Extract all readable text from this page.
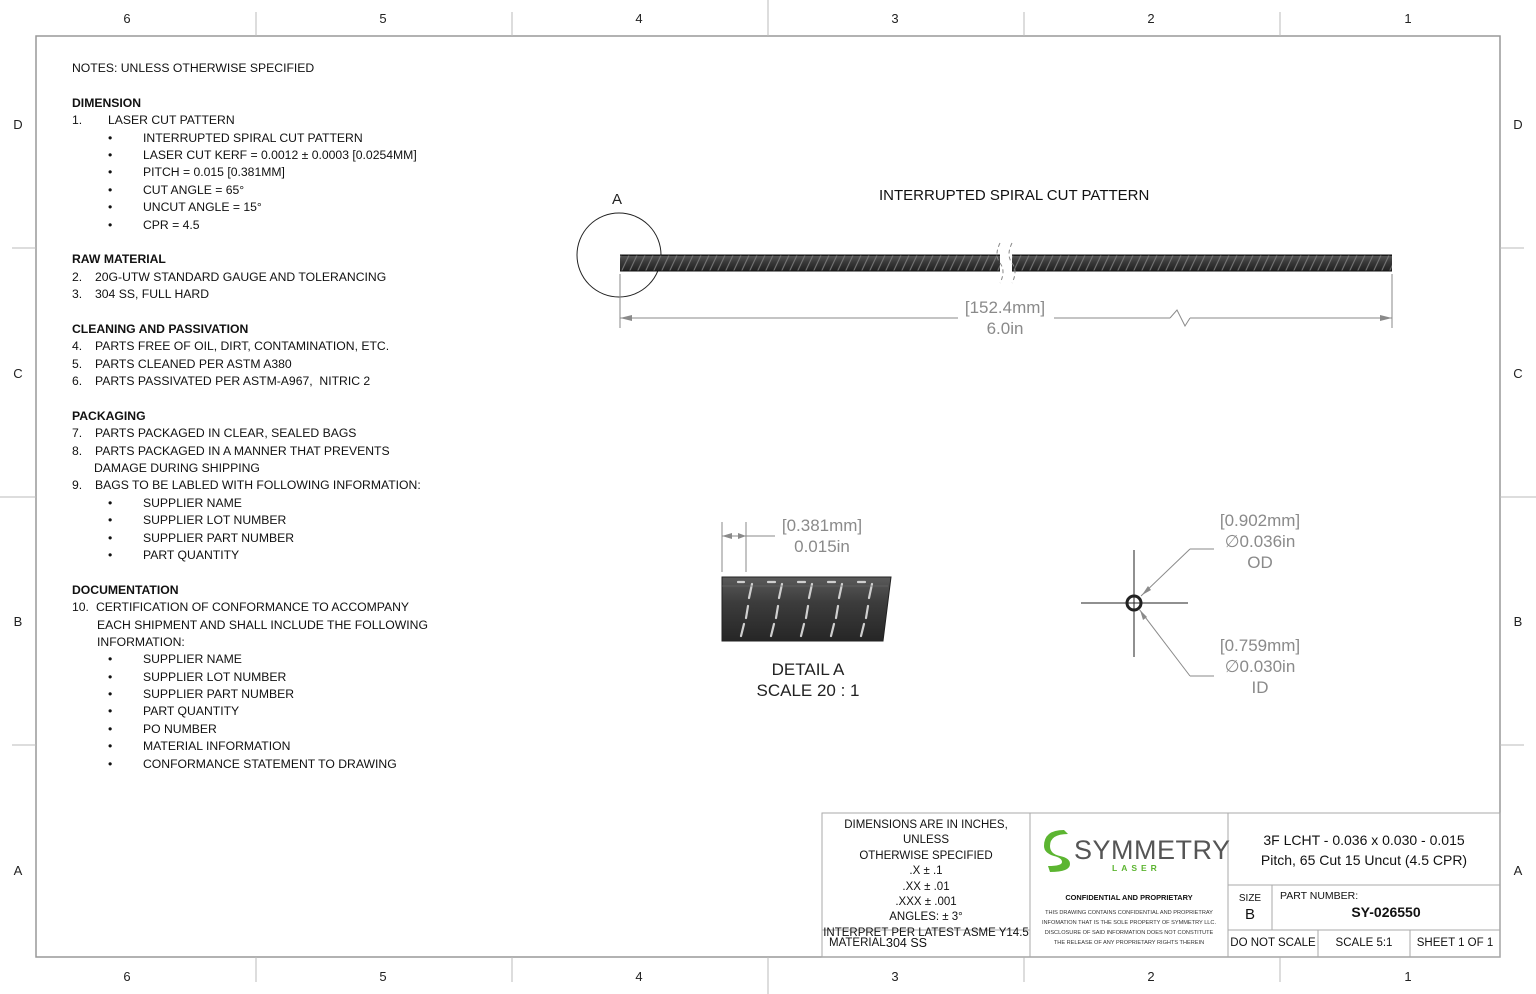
6	5	4	3	2	1
6	5	4	3	2	1
D
C
B
A
D
C
B
A
NOTES: UNLESS OTHERWISE SPECIFIED
DIMENSION
1. LASER CUT PATTERN
•	INTERRUPTED SPIRAL CUT PATTERN
•	LASER CUT KERF = 0.0012 ± 0.0003 [0.0254MM]
•	PITCH = 0.015 [0.381MM]
•	CUT ANGLE = 65°
•	UNCUT ANGLE = 15°
•	CPR = 4.5
RAW MATERIAL
2. 20G-UTW STANDARD GAUGE AND TOLERANCING
3. 304 SS, FULL HARD
CLEANING AND PASSIVATION
4. PARTS FREE OF OIL, DIRT, CONTAMINATION, ETC.
5. PARTS CLEANED PER ASTM A380
6. PARTS PASSIVATED PER ASTM-A967,  NITRIC 2
PACKAGING
7. PARTS PACKAGED IN CLEAR, SEALED BAGS
8. PARTS PACKAGED IN A MANNER THAT PREVENTS
DAMAGE DURING SHIPPING
9. BAGS TO BE LABLED WITH FOLLOWING INFORMATION:
•	SUPPLIER NAME
•	SUPPLIER LOT NUMBER
•	SUPPLIER PART NUMBER
•	PART QUANTITY
DOCUMENTATION
10. CERTIFICATION OF CONFORMANCE TO ACCOMPANY
EACH SHIPMENT AND SHALL INCLUDE THE FOLLOWING
INFORMATION:
•	SUPPLIER NAME
•	SUPPLIER LOT NUMBER
•	SUPPLIER PART NUMBER
•	PART QUANTITY
•	PO NUMBER
•	MATERIAL INFORMATION
•	CONFORMANCE STATEMENT TO DRAWING
INTERRUPTED SPIRAL CUT PATTERN
A
[152.4mm]
6.0in
[0.381mm]
0.015in
DETAIL A
SCALE 20 : 1
[0.902mm]
∅0.036in
OD
[0.759mm]
∅0.030in
ID
DIMENSIONS ARE IN INCHES, UNLESS
OTHERWISE SPECIFIED
.X ± .1
.XX ± .01
.XXX ± .001
ANGLES: ± 3°
INTERPRET PER LATEST ASME Y14.5
MATERIAL:
304 SS
SYMMETRY
LASER
CONFIDENTIAL AND PROPRIETARY
THIS DRAWING CONTAINS CONFIDENTIAL AND PROPRIETRAY
INFOMATION THAT IS THE SOLE PROPERTY OF SYMMETRY LLC.
DISCLOSURE OF SAID INFORMATION DOES NOT CONSTITUTE
THE RELEASE OF ANY PROPRIETARY RIGHTS THEREIN
3F LCHT - 0.036 x 0.030 - 0.015
Pitch, 65 Cut 15 Uncut (4.5 CPR)
SIZE
B
PART NUMBER:
SY-026550
DO NOT SCALE	SCALE 5:1	SHEET 1 OF 1
